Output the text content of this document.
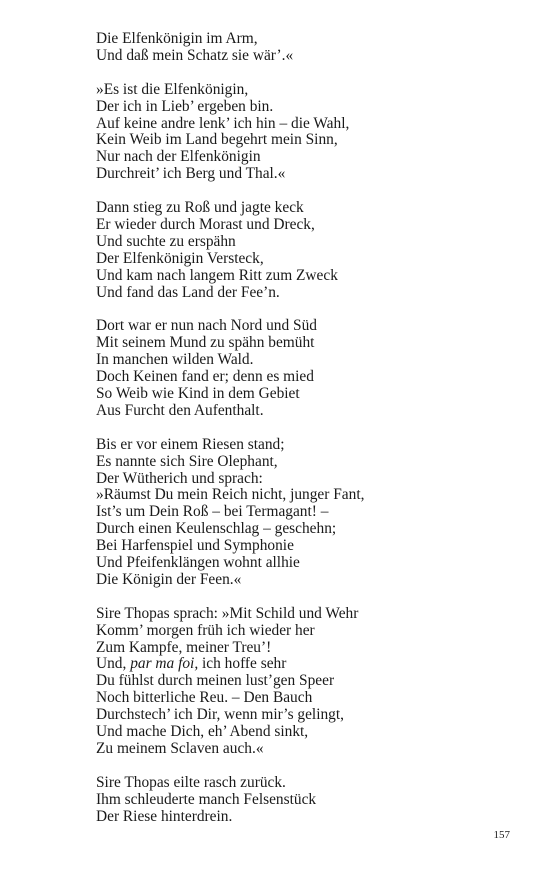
Die Elfenkönigin im Arm,
Und daß mein Schatz sie wär’.«
»Es ist die Elfenkönigin,
Der ich in Lieb’ ergeben bin.
Auf keine andre lenk’ ich hin – die Wahl,
Kein Weib im Land begehrt mein Sinn,
Nur nach der Elfenkönigin
Durchreit’ ich Berg und Thal.«
Dann stieg zu Roß und jagte keck
Er wieder durch Morast und Dreck,
Und suchte zu erspähn
Der Elfenkönigin Versteck,
Und kam nach langem Ritt zum Zweck
Und fand das Land der Fee’n.
Dort war er nun nach Nord und Süd
Mit seinem Mund zu spähn bemüht
In manchen wilden Wald.
Doch Keinen fand er; denn es mied
So Weib wie Kind in dem Gebiet
Aus Furcht den Aufenthalt.
Bis er vor einem Riesen stand;
Es nannte sich Sire Olephant,
Der Wütherich und sprach:
»Räumst Du mein Reich nicht, junger Fant,
Ist’s um Dein Roß – bei Termagant! –
Durch einen Keulenschlag – geschehn;
Bei Harfenspiel und Symphonie
Und Pfeifenklängen wohnt allhie
Die Königin der Feen.«
Sire Thopas sprach: »Mit Schild und Wehr
Komm’ morgen früh ich wieder her
Zum Kampfe, meiner Treu’!
Und, par ma foi, ich hoffe sehr
Du fühlst durch meinen lust’gen Speer
Noch bitterliche Reu. – Den Bauch
Durchstech’ ich Dir, wenn mir’s gelingt,
Und mache Dich, eh’ Abend sinkt,
Zu meinem Sclaven auch.«
Sire Thopas eilte rasch zurück.
Ihm schleuderte manch Felsenstück
Der Riese hinterdrein.
157
